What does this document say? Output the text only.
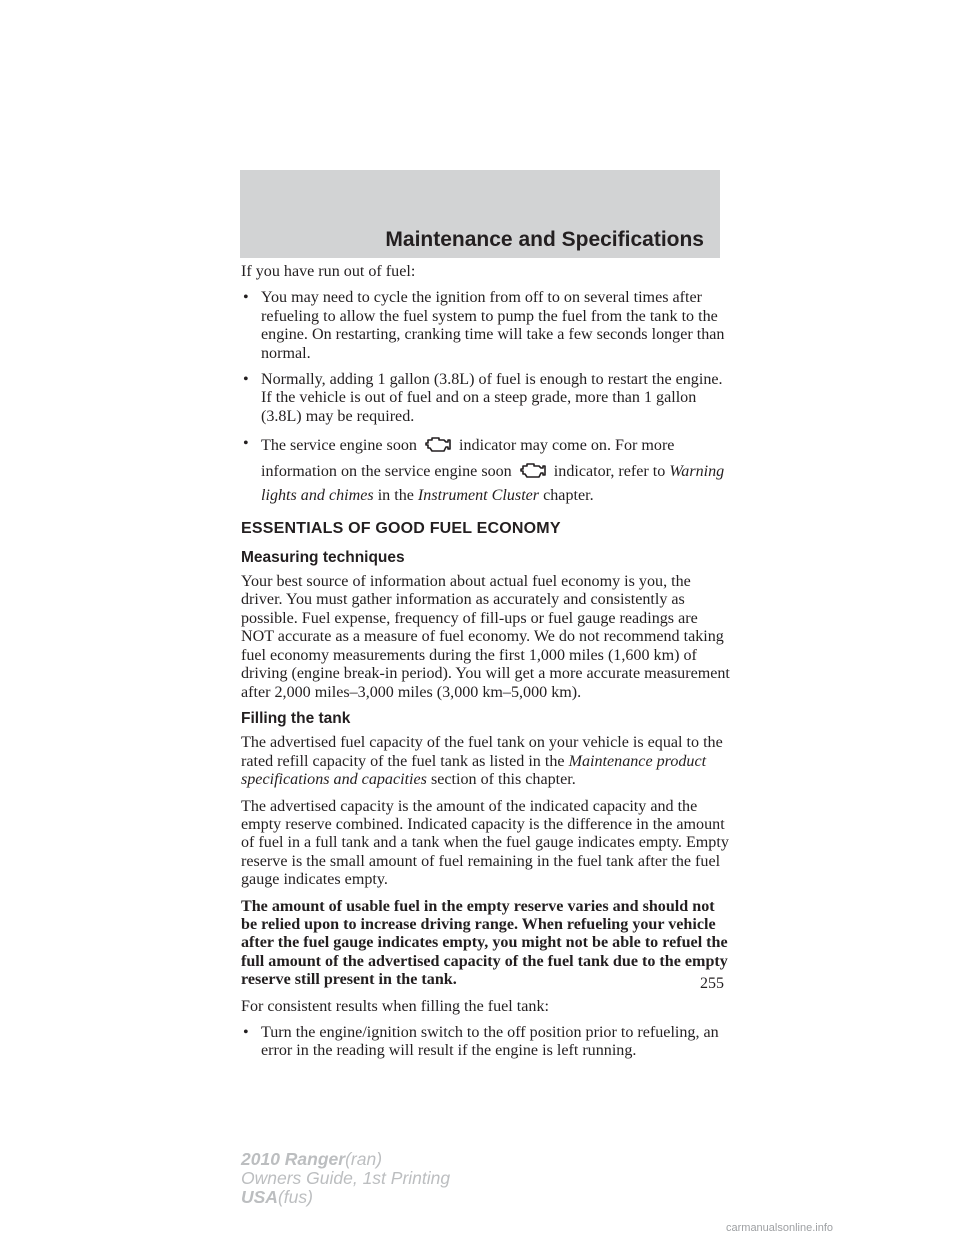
Maintenance and Specifications

If you have run out of fuel:

• You may need to cycle the ignition from off to on several times after refueling to allow the fuel system to pump the fuel from the tank to the engine. On restarting, cranking time will take a few seconds longer than normal.
• Normally, adding 1 gallon (3.8L) of fuel is enough to restart the engine. If the vehicle is out of fuel and on a steep grade, more than 1 gallon (3.8L) may be required.
• The service engine soon	indicator may come on. For more information on the service engine soon	indicator, refer to Warning lights and chimes in the Instrument Cluster chapter.
ESSENTIALS OF GOOD FUEL ECONOMY
Measuring techniques

Your best source of information about actual fuel economy is you, the driver. You must gather information as accurately and consistently as possible. Fuel expense, frequency of fill-ups or fuel gauge readings are NOT accurate as a measure of fuel economy. We do not recommend taking fuel economy measurements during the first 1,000 miles (1,600 km) of driving (engine break-in period). You will get a more accurate measurement after 2,000 miles–3,000 miles (3,000 km–5,000 km).

Filling the tank

The advertised fuel capacity of the fuel tank on your vehicle is equal to the rated refill capacity of the fuel tank as listed in the Maintenance product specifications and capacities section of this chapter.

The advertised capacity is the amount of the indicated capacity and the empty reserve combined. Indicated capacity is the difference in the amount of fuel in a full tank and a tank when the fuel gauge indicates empty. Empty reserve is the small amount of fuel remaining in the fuel tank after the fuel gauge indicates empty.

The amount of usable fuel in the empty reserve varies and should not be relied upon to increase driving range. When refueling your vehicle after the fuel gauge indicates empty, you might not be able to refuel the full amount of the advertised capacity of the fuel tank due to the empty reserve still present in the tank.

For consistent results when filling the fuel tank:

• Turn the engine/ignition switch to the off position prior to refueling, an error in the reading will result if the engine is left running.
255
2010 Ranger(ran)
Owners Guide, 1st Printing
USA(fus)
carmanualsonline.info
